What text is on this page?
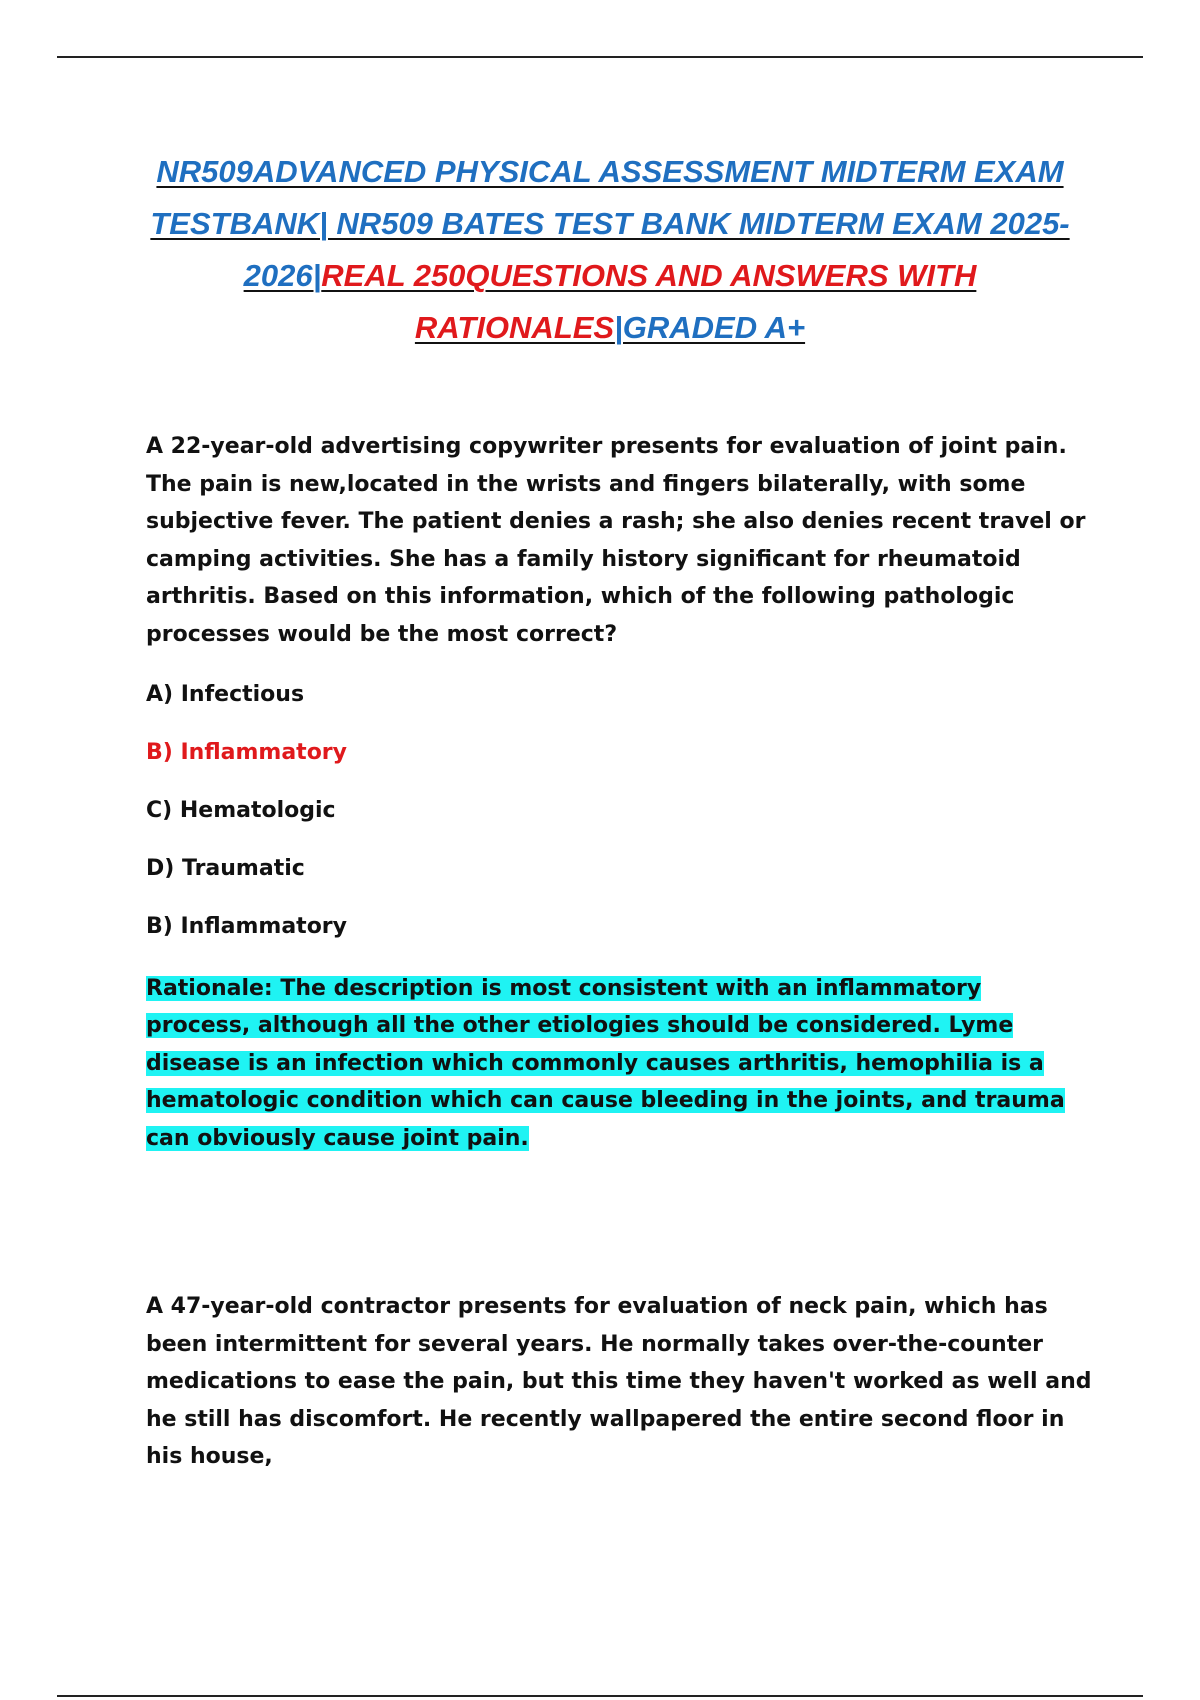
NR509ADVANCED PHYSICAL ASSESSMENT MIDTERM EXAM TESTBANK| NR509 BATES TEST BANK MIDTERM EXAM 2025-2026|REAL 250QUESTIONS AND ANSWERS WITH RATIONALES|GRADED A+

A 22-year-old advertising copywriter presents for evaluation of joint pain. The pain is new,located in the wrists and fingers bilaterally, with some subjective fever. The patient denies a rash; she also denies recent travel or camping activities. She has a family history significant for rheumatoid arthritis. Based on this information, which of the following pathologic processes would be the most correct?

A) Infectious

B) Inflammatory

C) Hematologic

D) Traumatic

B) Inflammatory

Rationale: The description is most consistent with an inflammatory process, although all the other etiologies should be considered. Lyme disease is an infection which commonly causes arthritis, hemophilia is a hematologic condition which can cause bleeding in the joints, and trauma can obviously cause joint pain.

A 47-year-old contractor presents for evaluation of neck pain, which has been intermittent for several years. He normally takes over-the-counter medications to ease the pain, but this time they haven't worked as well and he still has discomfort. He recently wallpapered the entire second floor in his house,
